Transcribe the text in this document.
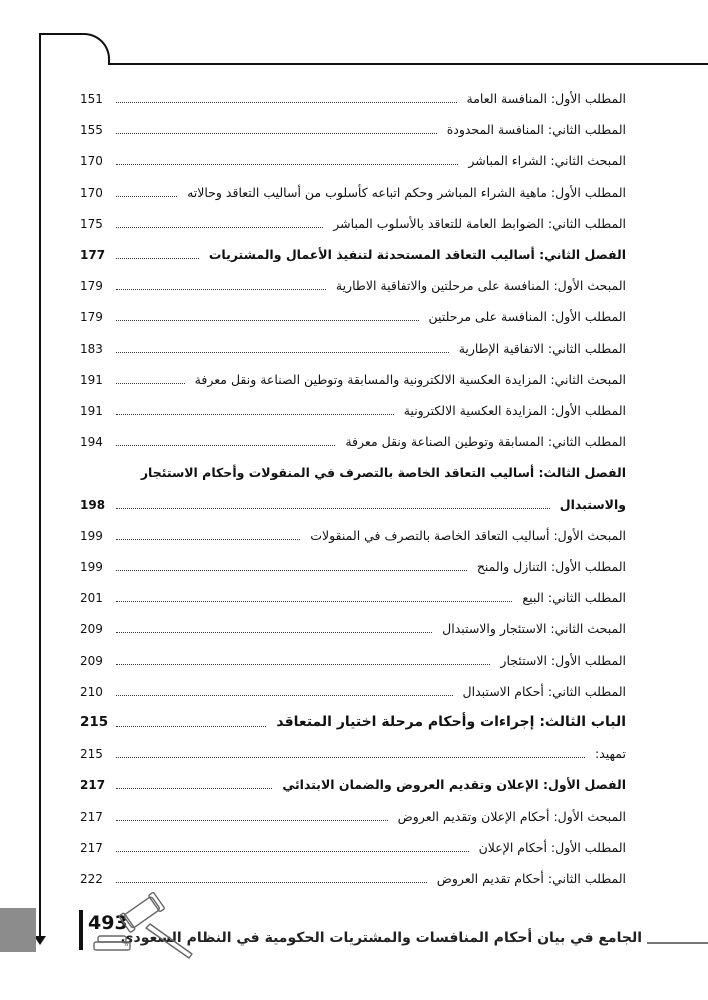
المطلب الأول: المنافسة العامة
151
المطلب الثاني: المنافسة المحدودة
155
المبحث الثاني: الشراء المباشر
170
المطلب الأول: ماهية الشراء المباشر وحكم اتباعه كأسلوب من أساليب التعاقد وحالاته
170
المطلب الثاني: الضوابط العامة للتعاقد بالأسلوب المباشر
175
الفصل الثاني: أساليب التعاقد المستحدثة لتنفيذ الأعمال والمشتريات
177
المبحث الأول: المنافسة على مرحلتين والاتفاقية الاطارية
179
المطلب الأول: المنافسة على مرحلتين
179
المطلب الثاني: الاتفاقية الإطارية
183
المبحث الثاني: المزايدة العكسية الالكترونية والمسابقة وتوطين الصناعة ونقل معرفة
191
المطلب الأول: المزايدة العكسية الالكترونية
191
المطلب الثاني: المسابقة وتوطين الصناعة ونقل معرفة
194
الفصل الثالث: أساليب التعاقد الخاصة بالتصرف في المنقولات وأحكام الاستئجار
والاستبدال
198
المبحث الأول: أساليب التعاقد الخاصة بالتصرف في المنقولات
199
المطلب الأول: التنازل والمنح
199
المطلب الثاني: البيع
201
المبحث الثاني: الاستئجار والاستبدال
209
المطلب الأول: الاستئجار
209
المطلب الثاني: أحكام الاستبدال
210
الباب الثالث: إجراءات وأحكام مرحلة اختيار المتعاقد
215
تمهيد:
215
الفصل الأول: الإعلان وتقديم العروض والضمان الابتدائي
217
المبحث الأول: أحكام الإعلان وتقديم العروض
217
المطلب الأول: أحكام الإعلان
217
المطلب الثاني: أحكام تقديم العروض
222
الجامع في بيان أحكام المنافسات والمشتريات الحكومية في النظام السعودي
493
